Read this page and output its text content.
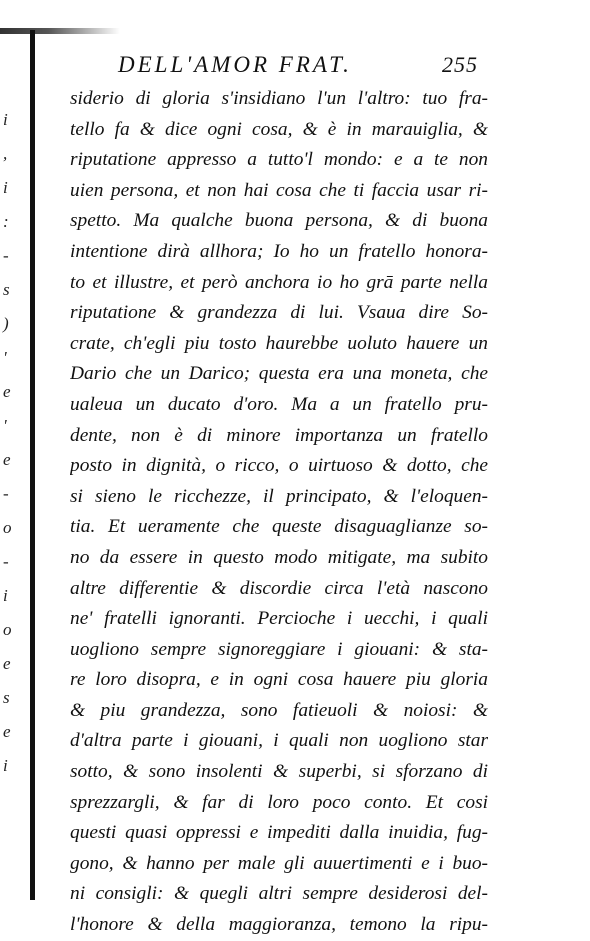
i
,
i
:
-
s
)
'
e
'
e
-
o
-
i
o
e
s
e
i
DELL'AMOR FRAT.	255
siderio di gloria s'insidiano l'un l'altro: tuo fra-
tello fa & dice ogni cosa, & è in marauiglia, &
riputatione appresso a tutto'l mondo: e a te non
uien persona, et non hai cosa che ti faccia usar ri-
spetto. Ma qualche buona persona, & di buona
intentione dirà allhora; Io ho un fratello honora-
to et illustre, et però anchora io ho grā parte nella
riputatione & grandezza di lui. Vsaua dire So-
crate, ch'egli piu tosto haurebbe uoluto hauere un
Dario che un Darico; questa era una moneta, che
ualeua un ducato d'oro. Ma a un fratello pru-
dente, non è di minore importanza un fratello
posto in dignità, o ricco, o uirtuoso & dotto, che
si sieno le ricchezze, il principato, & l'eloquen-
tia. Et ueramente che queste disaguaglianze so-
no da essere in questo modo mitigate, ma subito
altre differentie & discordie circa l'età nascono
ne' fratelli ignoranti. Percioche i uecchi, i quali
uogliono sempre signoreggiare i giouani: & sta-
re loro disopra, e in ogni cosa hauere piu gloria
& piu grandezza, sono fatieuoli & noiosi: &
d'altra parte i giouani, i quali non uogliono star
sotto, & sono insolenti & superbi, si sforzano di
sprezzargli, & far di loro poco conto. Et cosi
questi quasi oppressi e impediti dalla inuidia, fug-
gono, & hanno per male gli auuertimenti e i buo-
ni consigli: & quegli altri sempre desiderosi del-
l'honore & della maggioranza, temono la ripu-
